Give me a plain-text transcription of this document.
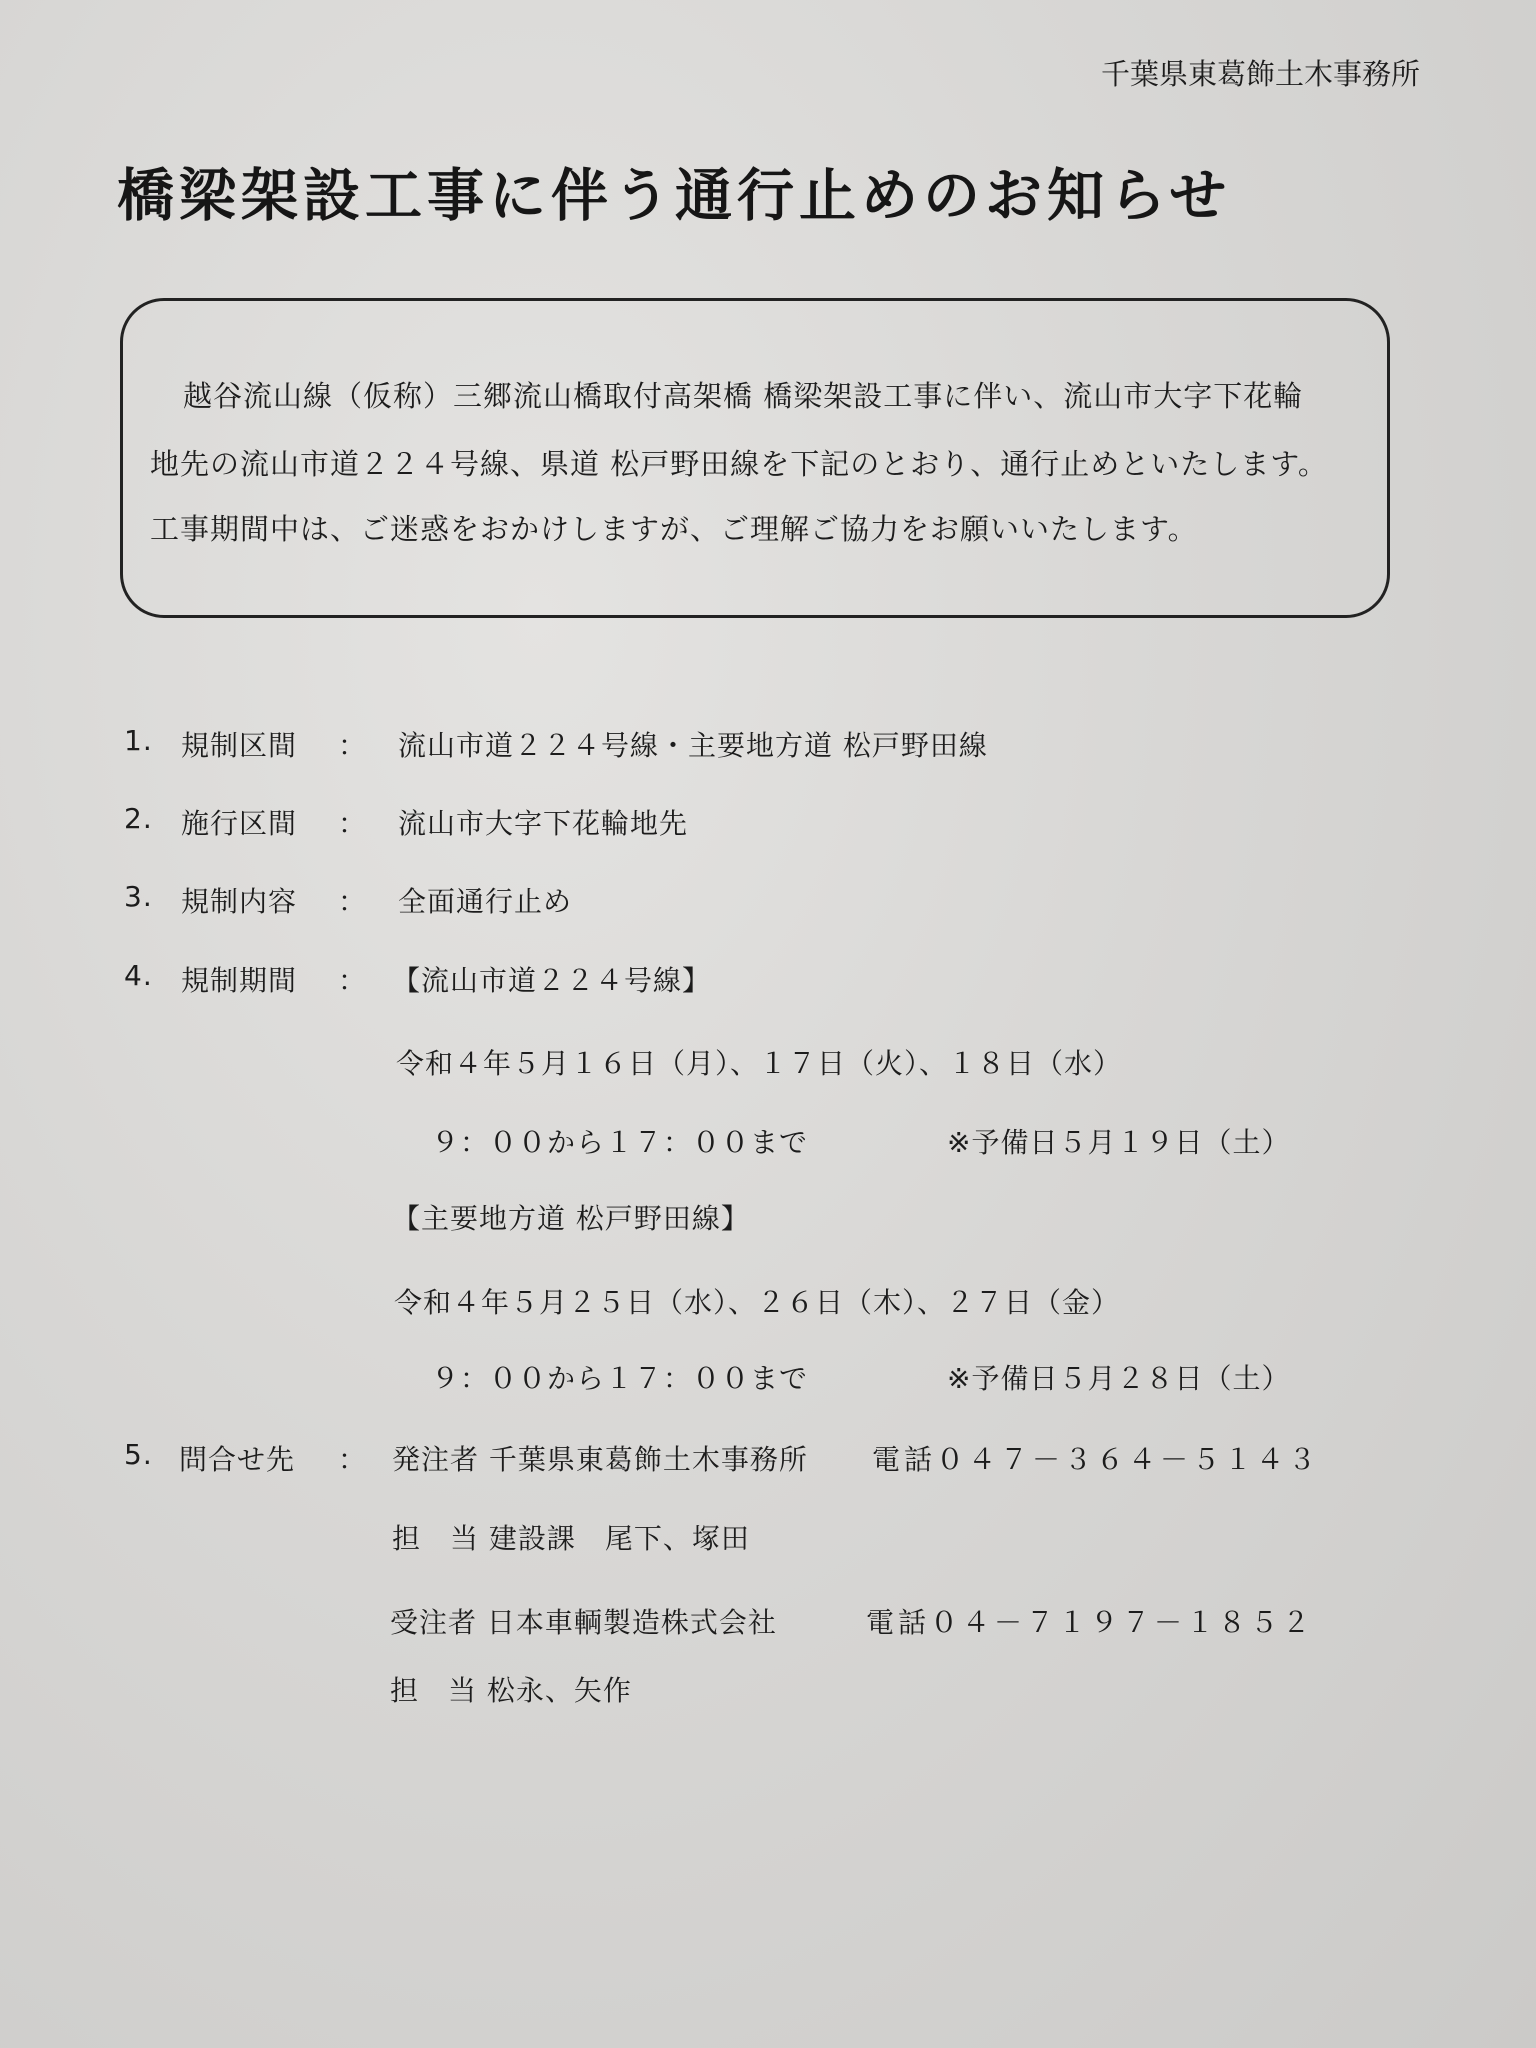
千葉県東葛飾土木事務所
橋梁架設工事に伴う通行止めのお知らせ
越谷流山線（仮称）三郷流山橋取付高架橋 橋梁架設工事に伴い、流山市大字下花輪
地先の流山市道２２４号線、県道 松戸野田線を下記のとおり、通行止めといたします。
工事期間中は、ご迷惑をおかけしますが、ご理解ご協力をお願いいたします。
1. 規制区間 ： 流山市道２２４号線・主要地方道 松戸野田線
2. 施行区間 ： 流山市大字下花輪地先
3. 規制内容 ： 全面通行止め
4. 規制期間 ： 【流山市道２２４号線】
令和４年５月１６日（月）、１７日（火）、１８日（水）
９：００から１７：００まで	※予備日５月１９日（土）
【主要地方道 松戸野田線】
令和４年５月２５日（水）、２６日（木）、２７日（金）
９：００から１７：００まで	※予備日５月２８日（土）
5. 問合せ先 ： 発注者 千葉県東葛飾土木事務所 電話０４７－３６４－５１４３
担　当 建設課　尾下、塚田
受注者 日本車輌製造株式会社	電話０４－７１９７－１８５２
担　当 松永、矢作
